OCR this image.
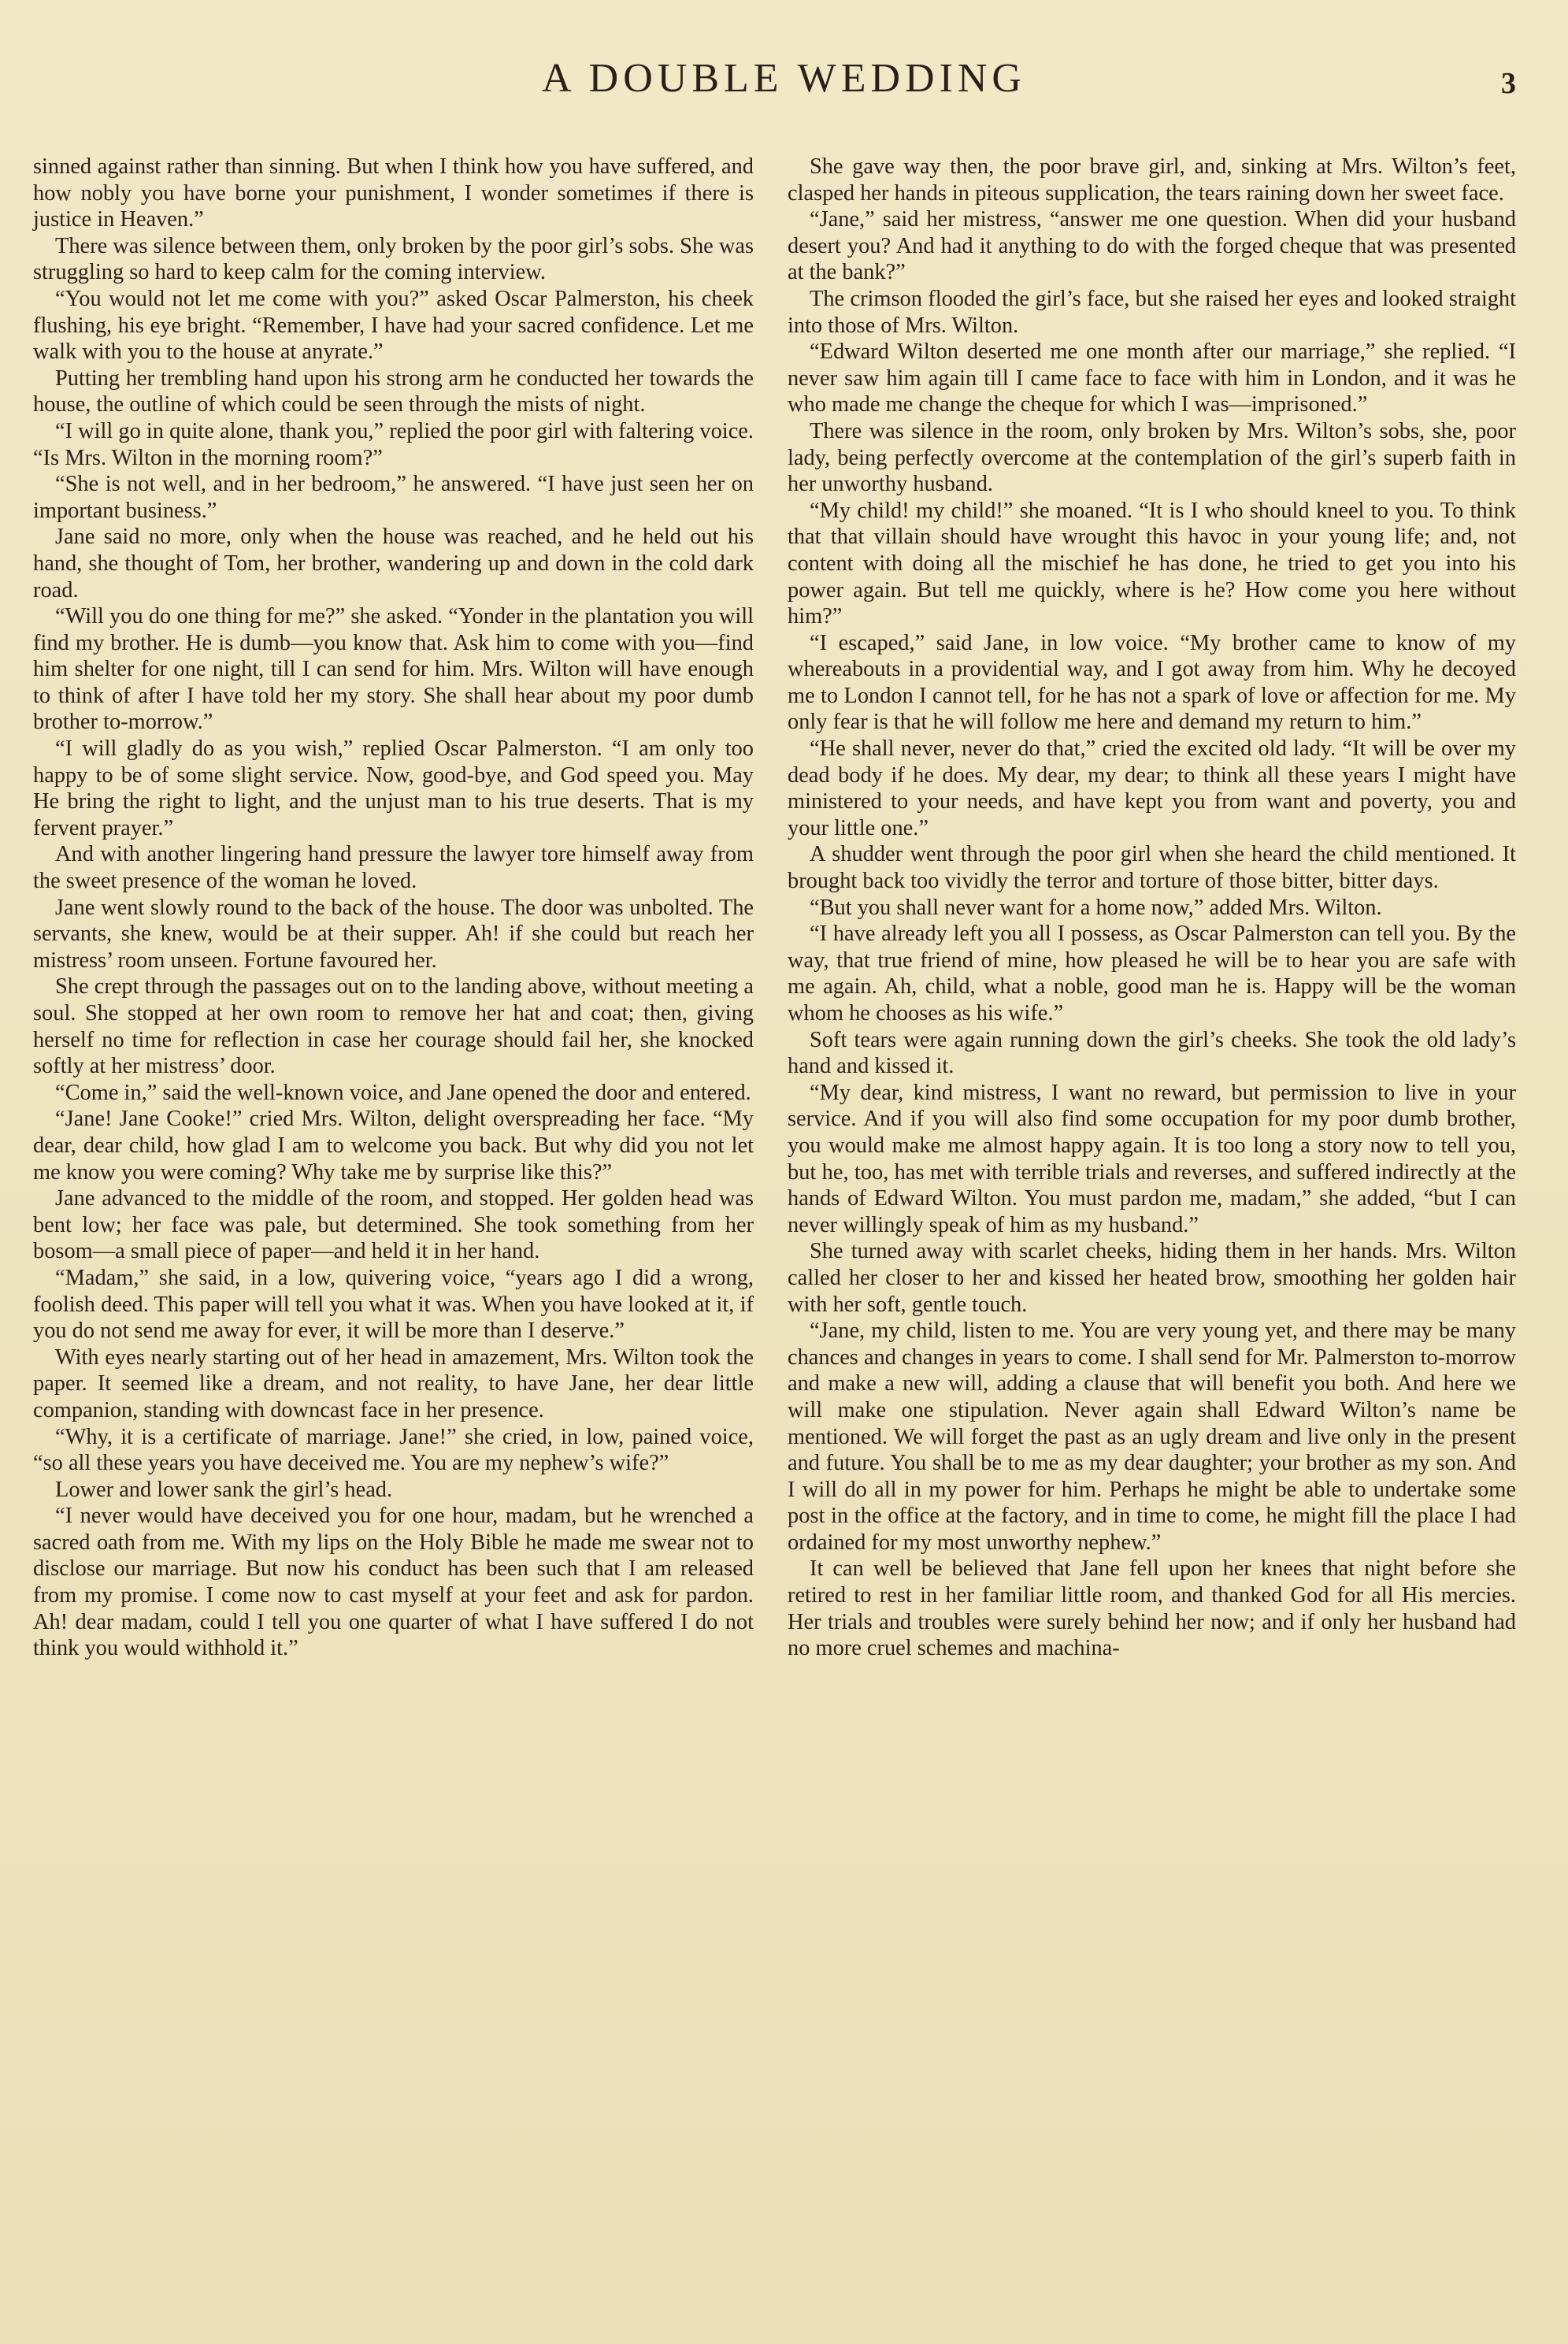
A DOUBLE WEDDING	3

sinned against rather than sinning. But when I think how you have suffered, and how nobly you have borne your punishment, I wonder sometimes if there is justice in Heaven.”

There was silence between them, only broken by the poor girl’s sobs. She was struggling so hard to keep calm for the coming interview.

“You would not let me come with you?” asked Oscar Palmerston, his cheek flushing, his eye bright. “Remember, I have had your sacred confidence. Let me walk with you to the house at anyrate.”

Putting her trembling hand upon his strong arm he conducted her towards the house, the outline of which could be seen through the mists of night.

“I will go in quite alone, thank you,” replied the poor girl with faltering voice. “Is Mrs. Wilton in the morning room?”

“She is not well, and in her bedroom,” he answered. “I have just seen her on important business.”

Jane said no more, only when the house was reached, and he held out his hand, she thought of Tom, her brother, wandering up and down in the cold dark road.

“Will you do one thing for me?” she asked. “Yonder in the plantation you will find my brother. He is dumb—you know that. Ask him to come with you—find him shelter for one night, till I can send for him. Mrs. Wilton will have enough to think of after I have told her my story. She shall hear about my poor dumb brother to-morrow.”

“I will gladly do as you wish,” replied Oscar Palmerston. “I am only too happy to be of some slight service. Now, good-bye, and God speed you. May He bring the right to light, and the unjust man to his true deserts. That is my fervent prayer.”

And with another lingering hand pressure the lawyer tore himself away from the sweet presence of the woman he loved.

Jane went slowly round to the back of the house. The door was unbolted. The servants, she knew, would be at their supper. Ah! if she could but reach her mistress’ room unseen. Fortune favoured her.

She crept through the passages out on to the landing above, without meeting a soul. She stopped at her own room to remove her hat and coat; then, giving herself no time for reflection in case her courage should fail her, she knocked softly at her mistress’ door.

“Come in,” said the well-known voice, and Jane opened the door and entered.

“Jane! Jane Cooke!” cried Mrs. Wilton, delight overspreading her face. “My dear, dear child, how glad I am to welcome you back. But why did you not let me know you were coming? Why take me by surprise like this?”

Jane advanced to the middle of the room, and stopped. Her golden head was bent low; her face was pale, but determined. She took something from her bosom—a small piece of paper—and held it in her hand.

“Madam,” she said, in a low, quivering voice, “years ago I did a wrong, foolish deed. This paper will tell you what it was. When you have looked at it, if you do not send me away for ever, it will be more than I deserve.”

With eyes nearly starting out of her head in amazement, Mrs. Wilton took the paper. It seemed like a dream, and not reality, to have Jane, her dear little companion, standing with downcast face in her presence.

“Why, it is a certificate of marriage. Jane!” she cried, in low, pained voice, “so all these years you have deceived me. You are my nephew’s wife?”

Lower and lower sank the girl’s head.

“I never would have deceived you for one hour, madam, but he wrenched a sacred oath from me. With my lips on the Holy Bible he made me swear not to disclose our marriage. But now his conduct has been such that I am released from my promise. I come now to cast myself at your feet and ask for pardon. Ah! dear madam, could I tell you one quarter of what I have suffered I do not think you would withhold it.”

She gave way then, the poor brave girl, and, sinking at Mrs. Wilton’s feet, clasped her hands in piteous supplication, the tears raining down her sweet face.

“Jane,” said her mistress, “answer me one question. When did your husband desert you? And had it anything to do with the forged cheque that was presented at the bank?”

The crimson flooded the girl’s face, but she raised her eyes and looked straight into those of Mrs. Wilton.

“Edward Wilton deserted me one month after our marriage,” she replied. “I never saw him again till I came face to face with him in London, and it was he who made me change the cheque for which I was—imprisoned.”

There was silence in the room, only broken by Mrs. Wilton’s sobs, she, poor lady, being perfectly overcome at the contemplation of the girl’s superb faith in her unworthy husband.

“My child! my child!” she moaned. “It is I who should kneel to you. To think that that villain should have wrought this havoc in your young life; and, not content with doing all the mischief he has done, he tried to get you into his power again. But tell me quickly, where is he? How come you here without him?”

“I escaped,” said Jane, in low voice. “My brother came to know of my whereabouts in a providential way, and I got away from him. Why he decoyed me to London I cannot tell, for he has not a spark of love or affection for me. My only fear is that he will follow me here and demand my return to him.”

“He shall never, never do that,” cried the excited old lady. “It will be over my dead body if he does. My dear, my dear; to think all these years I might have ministered to your needs, and have kept you from want and poverty, you and your little one.”

A shudder went through the poor girl when she heard the child mentioned. It brought back too vividly the terror and torture of those bitter, bitter days.

“But you shall never want for a home now,” added Mrs. Wilton.

“I have already left you all I possess, as Oscar Palmerston can tell you. By the way, that true friend of mine, how pleased he will be to hear you are safe with me again. Ah, child, what a noble, good man he is. Happy will be the woman whom he chooses as his wife.”

Soft tears were again running down the girl’s cheeks. She took the old lady’s hand and kissed it.

“My dear, kind mistress, I want no reward, but permission to live in your service. And if you will also find some occupation for my poor dumb brother, you would make me almost happy again. It is too long a story now to tell you, but he, too, has met with terrible trials and reverses, and suffered indirectly at the hands of Edward Wilton. You must pardon me, madam,” she added, “but I can never willingly speak of him as my husband.”

She turned away with scarlet cheeks, hiding them in her hands. Mrs. Wilton called her closer to her and kissed her heated brow, smoothing her golden hair with her soft, gentle touch.

“Jane, my child, listen to me. You are very young yet, and there may be many chances and changes in years to come. I shall send for Mr. Palmerston to-morrow and make a new will, adding a clause that will benefit you both. And here we will make one stipulation. Never again shall Edward Wilton’s name be mentioned. We will forget the past as an ugly dream and live only in the present and future. You shall be to me as my dear daughter; your brother as my son. And I will do all in my power for him. Perhaps he might be able to undertake some post in the office at the factory, and in time to come, he might fill the place I had ordained for my most unworthy nephew.”

It can well be believed that Jane fell upon her knees that night before she retired to rest in her familiar little room, and thanked God for all His mercies. Her trials and troubles were surely behind her now; and if only her husband had no more cruel schemes and machina-
